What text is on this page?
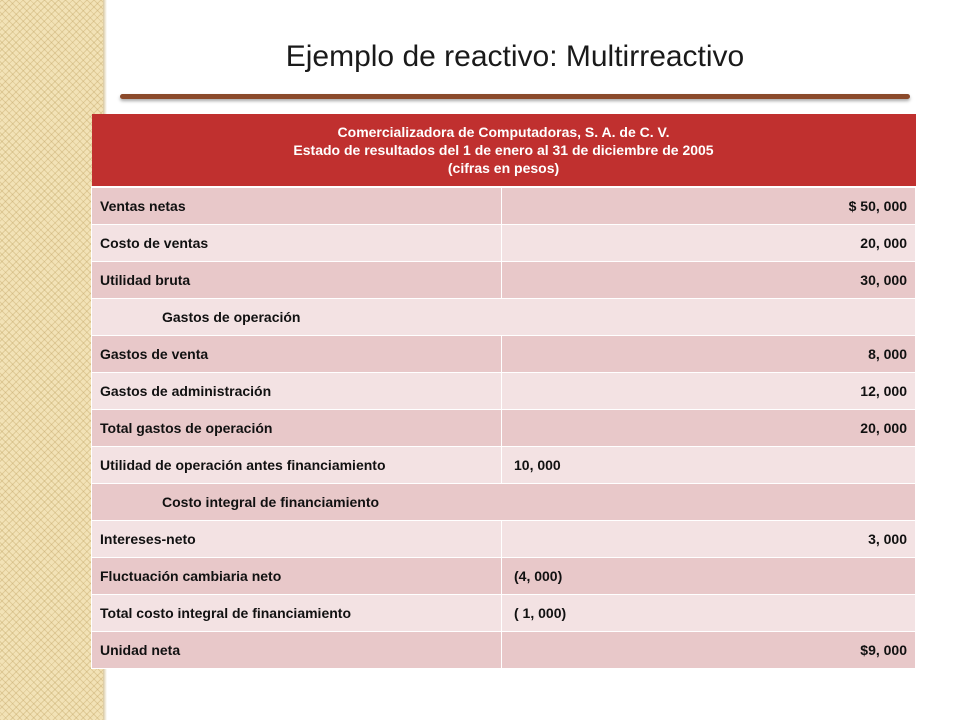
Ejemplo de reactivo: Multirreactivo
Comercializadora de Computadoras, S. A. de C. V.
Estado de resultados del 1 de enero al 31 de diciembre de 2005
(cifras en pesos)	

Ventas netas	$ 50, 000
Costo de ventas	20, 000
Utilidad bruta	30, 000
Gastos de operación	
Gastos de venta	8, 000
Gastos de administración	12, 000
Total gastos de operación	20, 000
Utilidad de operación antes financiamiento	10, 000
Costo integral de financiamiento	
Intereses-neto	3, 000
Fluctuación cambiaria neto	(4, 000)
Total costo integral de financiamiento	( 1, 000)
Unidad neta	$9, 000
